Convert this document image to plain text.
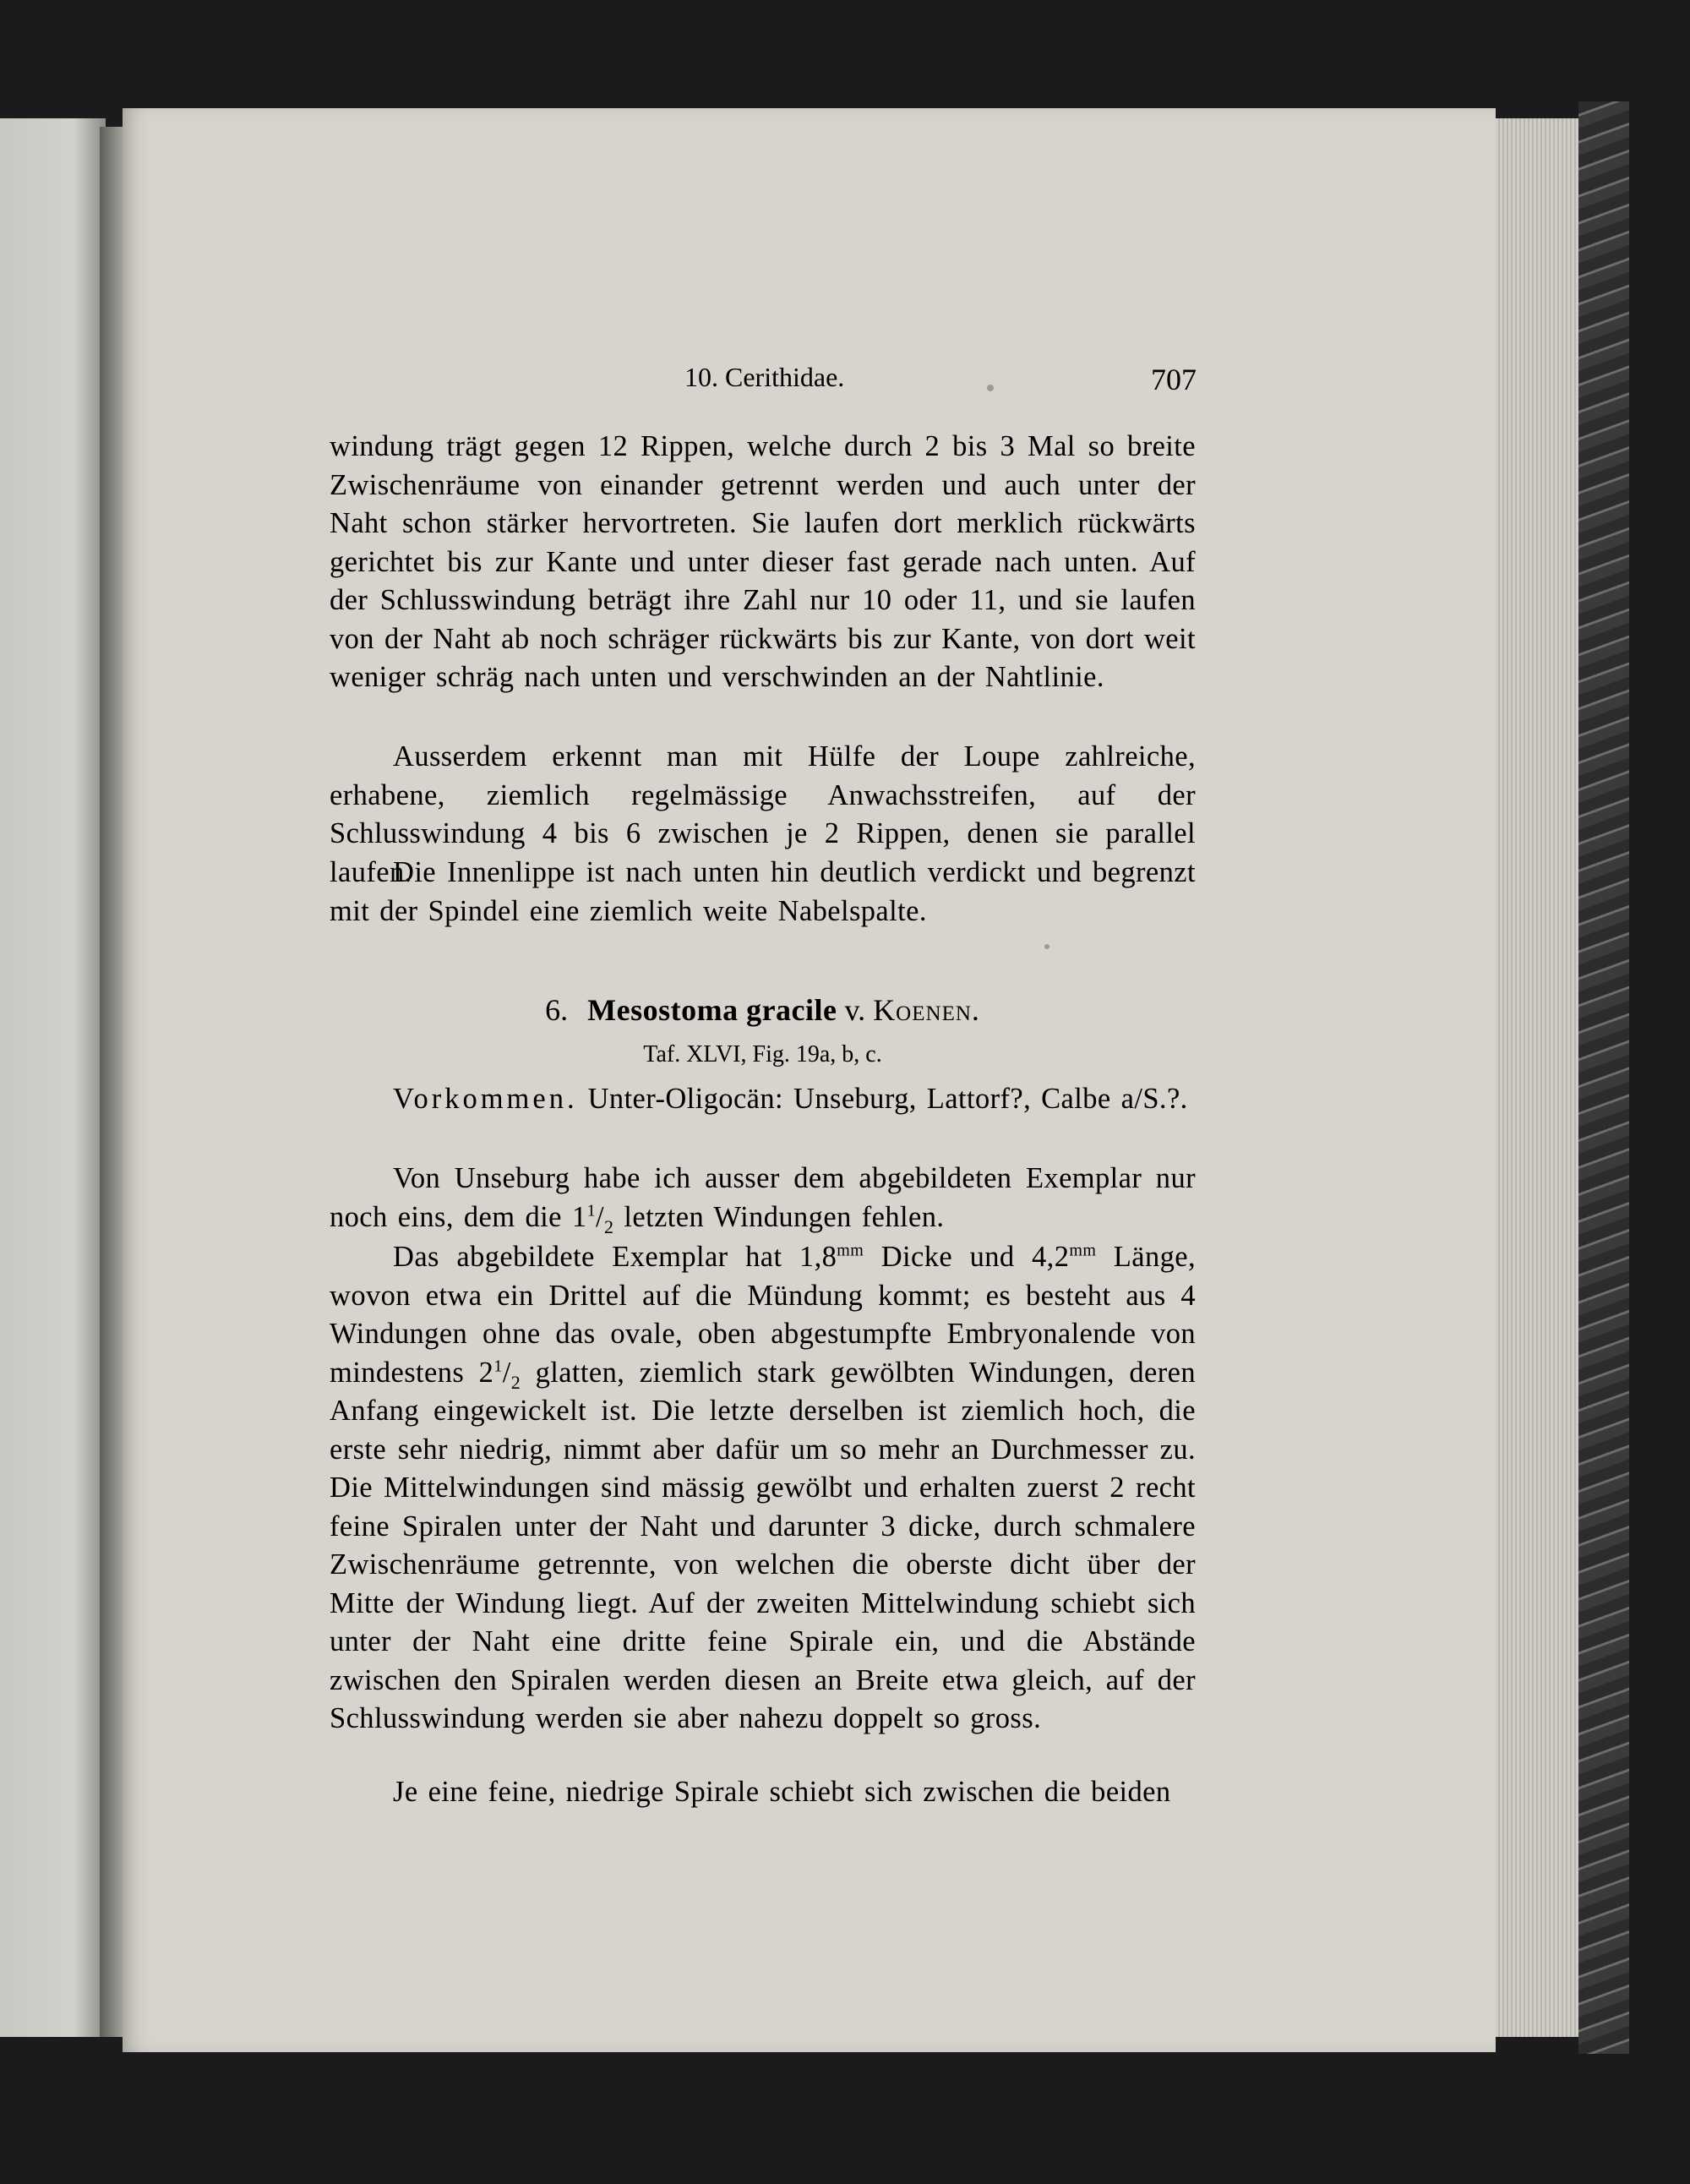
10. Cerithidae.	707
windung trägt gegen 12 Rippen, welche durch 2 bis 3 Mal so breite Zwischenräume von einander getrennt werden und auch unter der Naht schon stärker hervortreten. Sie laufen dort merklich rückwärts gerichtet bis zur Kante und unter dieser fast gerade nach unten. Auf der Schlusswindung beträgt ihre Zahl nur 10 oder 11, und sie laufen von der Naht ab noch schräger rückwärts bis zur Kante, von dort weit weniger schräg nach unten und verschwinden an der Nahtlinie.
Ausserdem erkennt man mit Hülfe der Loupe zahlreiche, erhabene, ziemlich regelmässige Anwachsstreifen, auf der Schlusswindung 4 bis 6 zwischen je 2 Rippen, denen sie parallel laufen.
Die Innenlippe ist nach unten hin deutlich verdickt und begrenzt mit der Spindel eine ziemlich weite Nabelspalte.
6. Mesostoma gracile v. Koenen.
Taf. XLVI, Fig. 19a, b, c.
Vorkommen. Unter-Oligocän: Unseburg, Lattorf?, Calbe a/S.?.
Von Unseburg habe ich ausser dem abgebildeten Exemplar nur noch eins, dem die $1^1/_2$ letzten Windungen fehlen.
Das abgebildete Exemplar hat $1,8^{mm}$ Dicke und $4,2^{mm}$ Länge, wovon etwa ein Drittel auf die Mündung kommt; es besteht aus 4 Windungen ohne das ovale, oben abgestumpfte Embryonalende von mindestens $2^1/_2$ glatten, ziemlich stark gewölbten Windungen, deren Anfang eingewickelt ist. Die letzte derselben ist ziemlich hoch, die erste sehr niedrig, nimmt aber dafür um so mehr an Durchmesser zu. Die Mittelwindungen sind mässig gewölbt und erhalten zuerst 2 recht feine Spiralen unter der Naht und darunter 3 dicke, durch schmalere Zwischenräume getrennte, von welchen die oberste dicht über der Mitte der Windung liegt. Auf der zweiten Mittelwindung schiebt sich unter der Naht eine dritte feine Spirale ein, und die Abstände zwischen den Spiralen werden diesen an Breite etwa gleich, auf der Schlusswindung werden sie aber nahezu doppelt so gross.
Je eine feine, niedrige Spirale schiebt sich zwischen die beiden
